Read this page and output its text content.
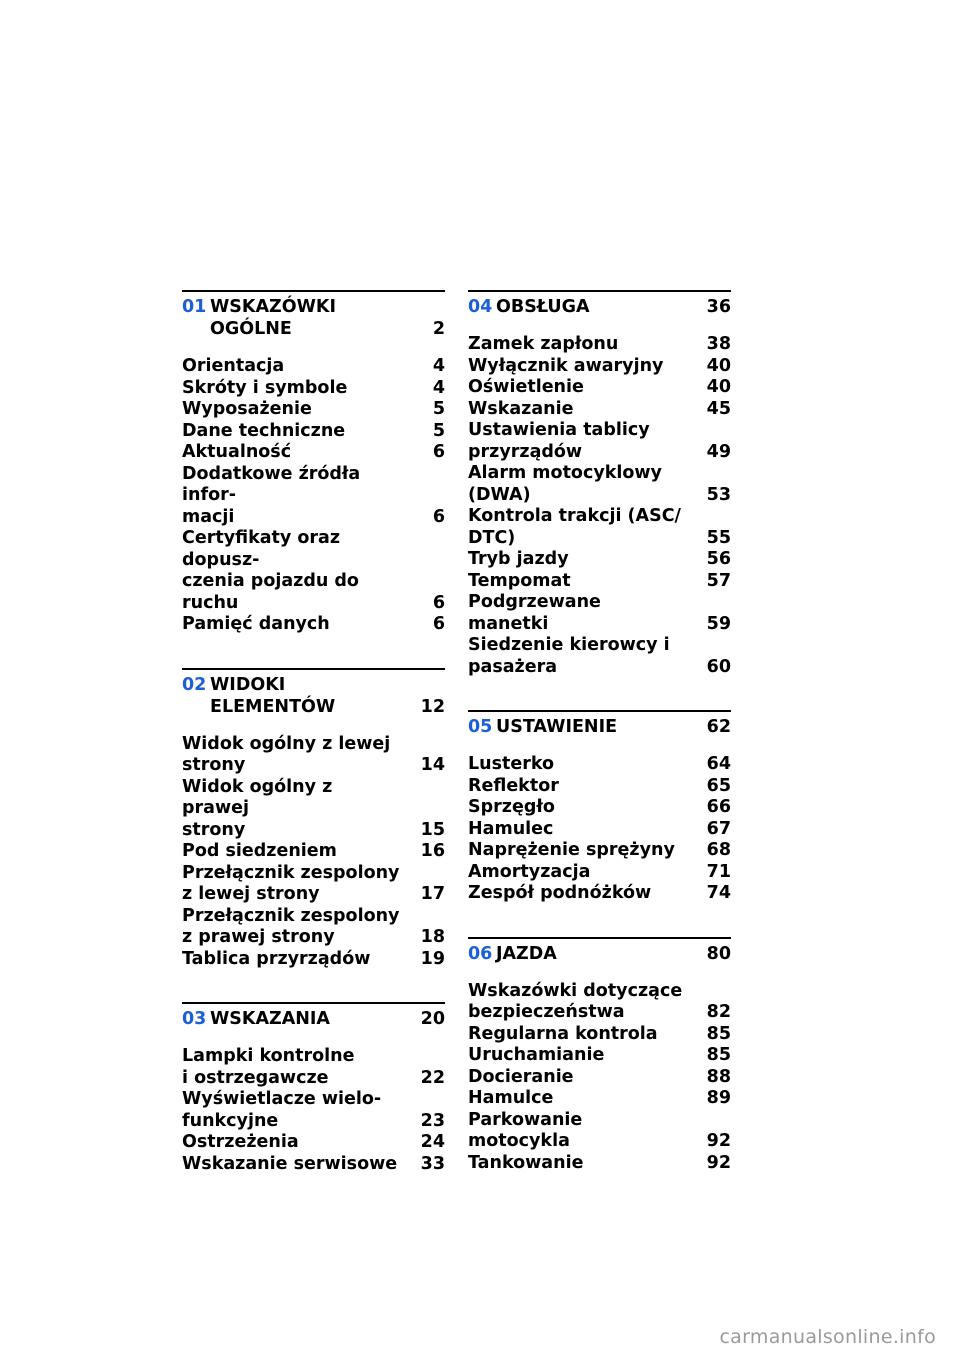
01 WSKAZÓWKI
OGÓLNE	2
Orientacja	4
Skróty i symbole	4
Wyposażenie	5
Dane techniczne	5
Aktualność	6
Dodatkowe źródła infor-
macji	6
Certyfikaty oraz dopusz-
czenia pojazdu do ruchu	6
Pamięć danych	6
02 WIDOKI
ELEMENTÓW	12
Widok ogólny z lewej
strony	14
Widok ogólny z prawej
strony	15
Pod siedzeniem	16
Przełącznik zespolony
z lewej strony	17
Przełącznik zespolony
z prawej strony	18
Tablica przyrządów	19
03 WSKAZANIA	20
Lampki kontrolne
i ostrzegawcze	22
Wyświetlacze wielo-
funkcyjne	23
Ostrzeżenia	24
Wskazanie serwisowe 33
04 OBSŁUGA	36
Zamek zapłonu	38
Wyłącznik awaryjny	40
Oświetlenie	40
Wskazanie	45
Ustawienia tablicy
przyrządów	49
Alarm motocyklowy
(DWA)	53
Kontrola trakcji (ASC/
DTC)	55
Tryb jazdy	56
Tempomat	57
Podgrzewane manetki	59
Siedzenie kierowcy i
pasażera	60
05 USTAWIENIE	62
Lusterko	64
Reflektor	65
Sprzęgło	66
Hamulec	67
Naprężenie sprężyny	68
Amortyzacja	71
Zespół podnóżków	74
06 JAZDA	80
Wskazówki dotyczące
bezpieczeństwa	82
Regularna kontrola	85
Uruchamianie	85
Docieranie	88
Hamulce	89
Parkowanie motocykla	92
Tankowanie	92
carmanualsonline.info
